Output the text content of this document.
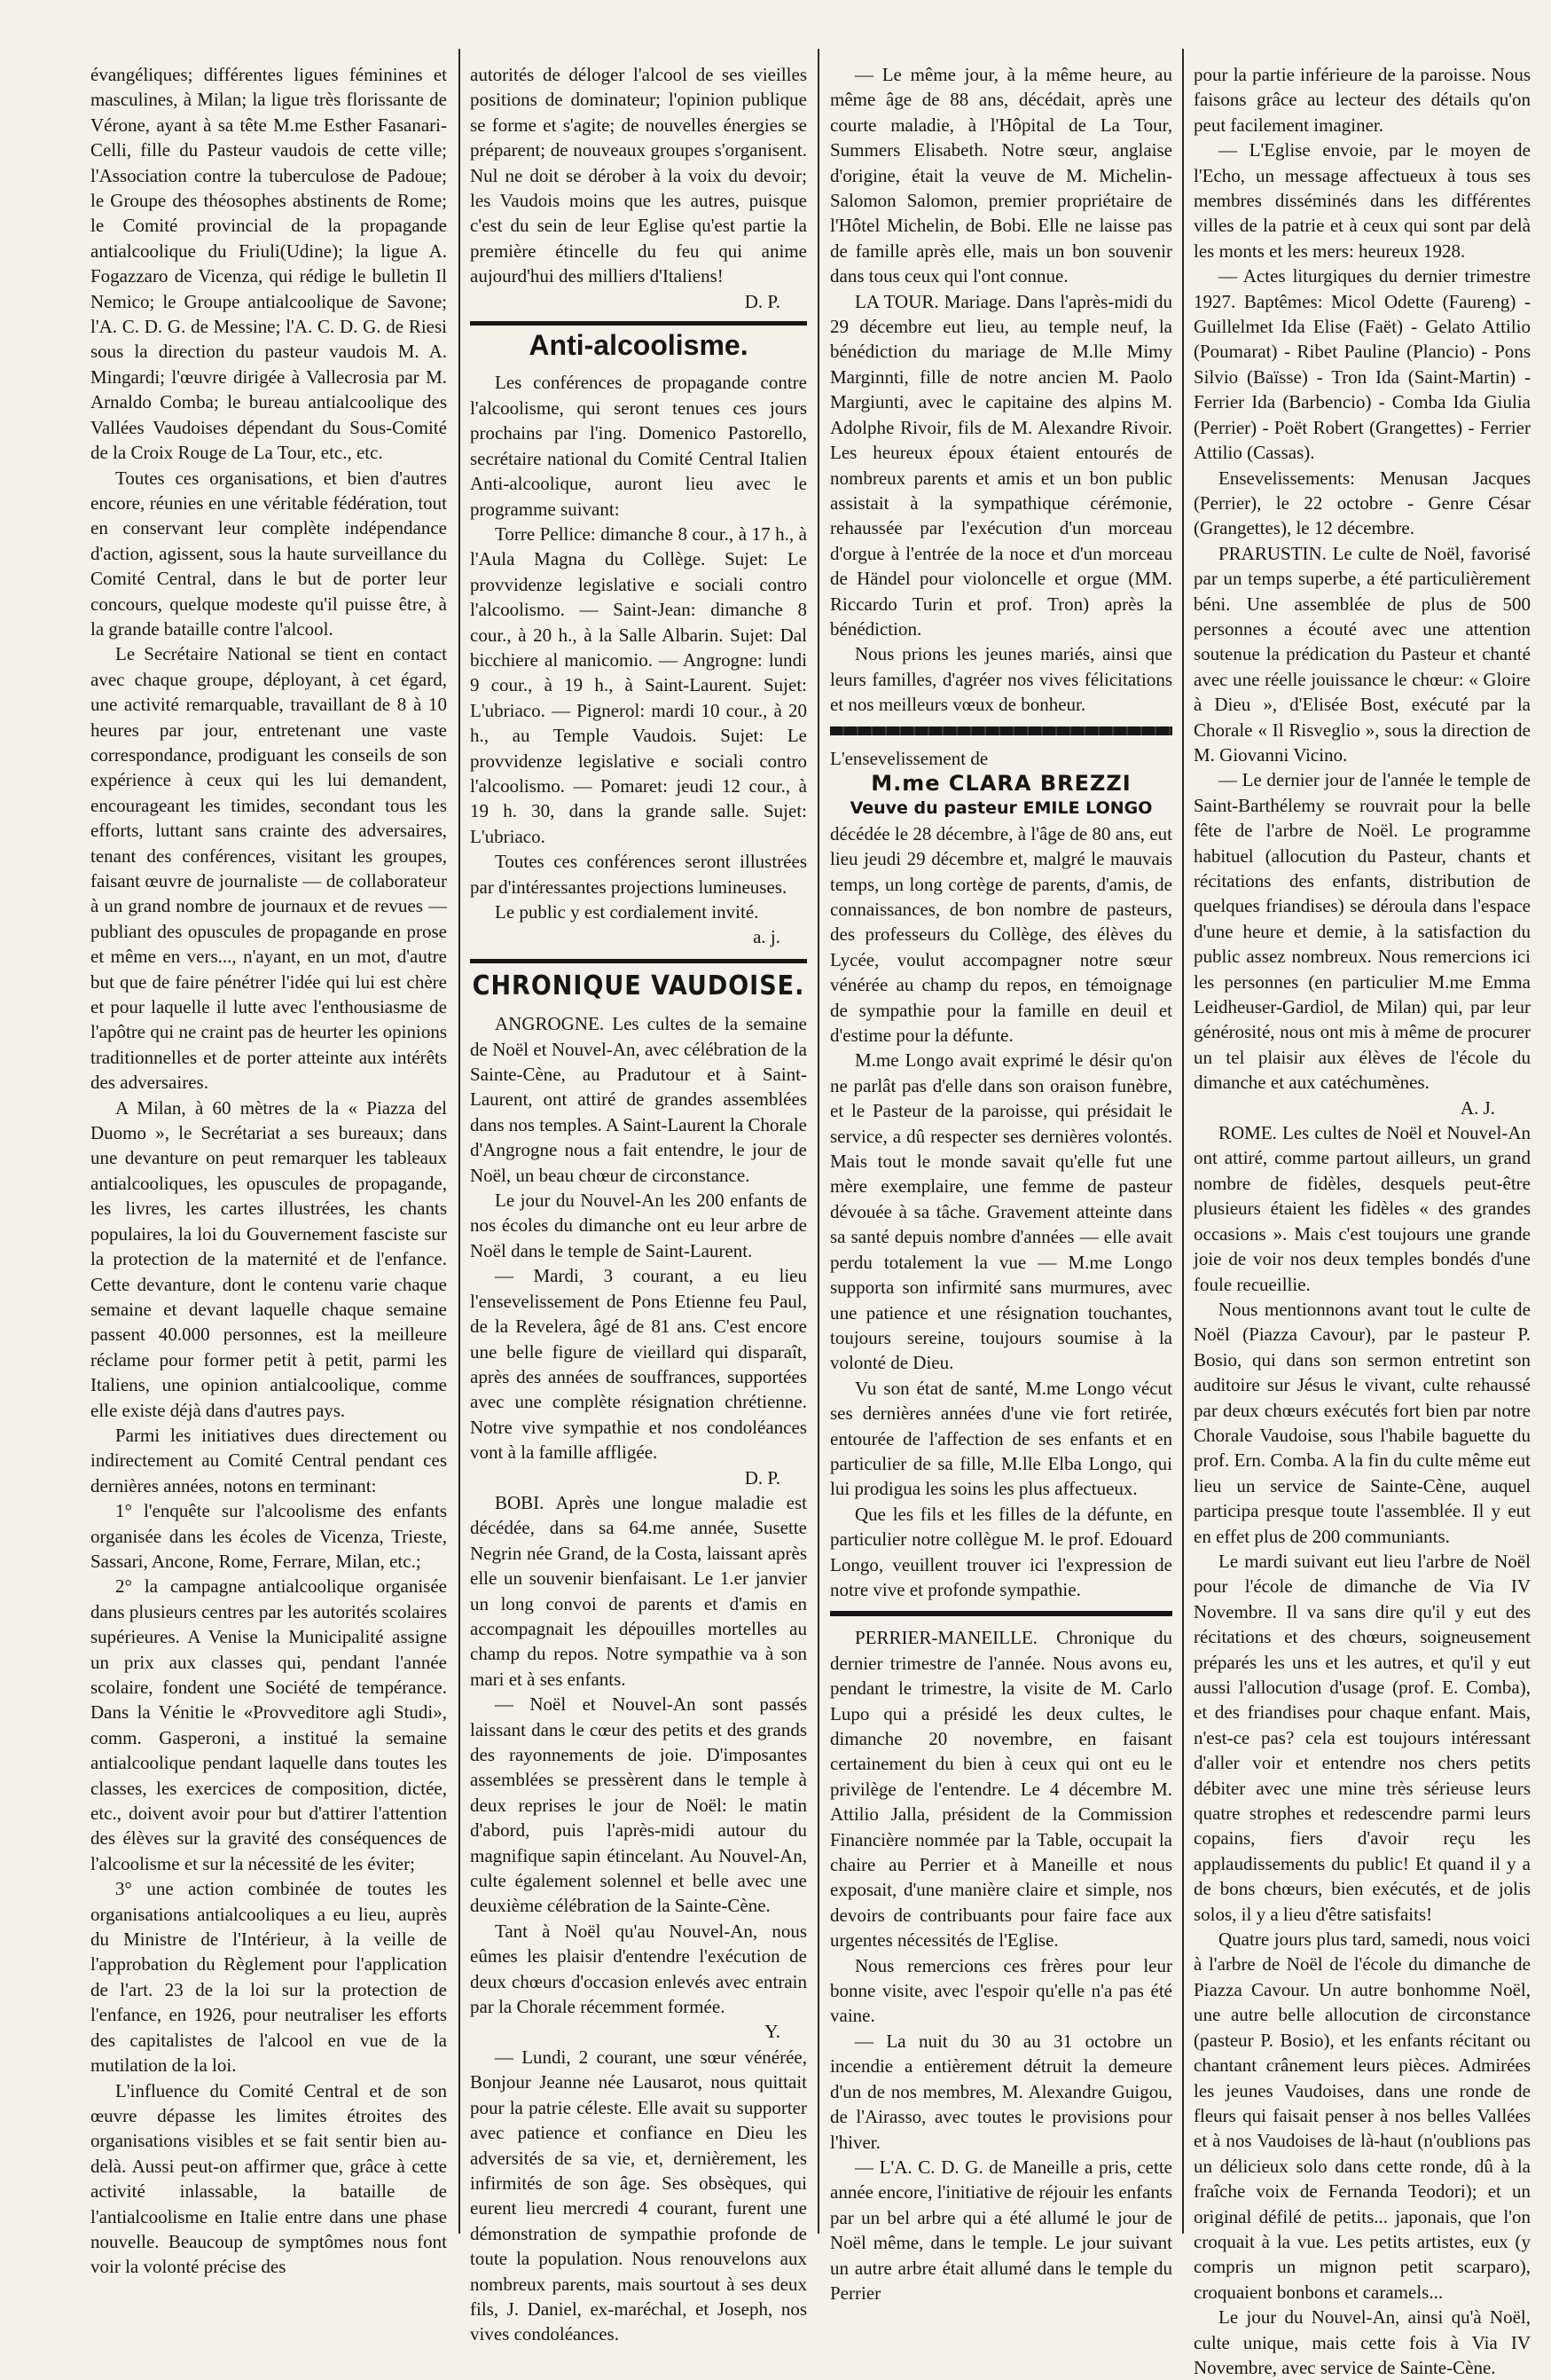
évangéliques; différentes ligues féminines et masculines, à Milan; la ligue très florissante de Vérone, ayant à sa tête M.me Esther Fasanari-Celli, fille du Pasteur vaudois de cette ville; l'Association contre la tuberculose de Padoue; le Groupe des théosophes abstinents de Rome; le Comité provincial de la propagande antialcoolique du Friuli(Udine); la ligue A. Fogazzaro de Vicenza, qui rédige le bulletin Il Nemico; le Groupe antialcoolique de Savone; l'A. C. D. G. de Messine; l'A. C. D. G. de Riesi sous la direction du pasteur vaudois M. A. Mingardi; l'œuvre dirigée à Vallecrosia par M. Arnaldo Comba; le bureau antialcoolique des Vallées Vaudoises dépendant du Sous-Comité de la Croix Rouge de La Tour, etc., etc.

Toutes ces organisations, et bien d'autres encore, réunies en une véritable fédération, tout en conservant leur complète indépendance d'action, agissent, sous la haute surveillance du Comité Central, dans le but de porter leur concours, quelque modeste qu'il puisse être, à la grande bataille contre l'alcool.

Le Secrétaire National se tient en contact avec chaque groupe, déployant, à cet égard, une activité remarquable, travaillant de 8 à 10 heures par jour, entretenant une vaste correspondance, prodiguant les conseils de son expérience à ceux qui les lui demandent, encourageant les timides, secondant tous les efforts, luttant sans crainte des adversaires, tenant des conférences, visitant les groupes, faisant œuvre de journaliste — de collaborateur à un grand nombre de journaux et de revues — publiant des opuscules de propagande en prose et même en vers..., n'ayant, en un mot, d'autre but que de faire pénétrer l'idée qui lui est chère et pour laquelle il lutte avec l'enthousiasme de l'apôtre qui ne craint pas de heurter les opinions traditionnelles et de porter atteinte aux intérêts des adversaires.

A Milan, à 60 mètres de la « Piazza del Duomo », le Secrétariat a ses bureaux; dans une devanture on peut remarquer les tableaux antialcooliques, les opuscules de propagande, les livres, les cartes illustrées, les chants populaires, la loi du Gouvernement fasciste sur la protection de la maternité et de l'enfance. Cette devanture, dont le contenu varie chaque semaine et devant laquelle chaque semaine passent 40.000 personnes, est la meilleure réclame pour former petit à petit, parmi les Italiens, une opinion antialcoolique, comme elle existe déjà dans d'autres pays.

Parmi les initiatives dues directement ou indirectement au Comité Central pendant ces dernières années, notons en terminant:

1° l'enquête sur l'alcoolisme des enfants organisée dans les écoles de Vicenza, Trieste, Sassari, Ancone, Rome, Ferrare, Milan, etc.;

2° la campagne antialcoolique organisée dans plusieurs centres par les autorités scolaires supérieures. A Venise la Municipalité assigne un prix aux classes qui, pendant l'année scolaire, fondent une Société de tempérance. Dans la Vénitie le «Provveditore agli Studi», comm. Gasperoni, a institué la semaine antialcoolique pendant laquelle dans toutes les classes, les exercices de composition, dictée, etc., doivent avoir pour but d'attirer l'attention des élèves sur la gravité des conséquences de l'alcoolisme et sur la nécessité de les éviter;

3° une action combinée de toutes les organisations antialcooliques a eu lieu, auprès du Ministre de l'Intérieur, à la veille de l'approbation du Règlement pour l'application de l'art. 23 de la loi sur la protection de l'enfance, en 1926, pour neutraliser les efforts des capitalistes de l'alcool en vue de la mutilation de la loi.

L'influence du Comité Central et de son œuvre dépasse les limites étroites des organisations visibles et se fait sentir bien au-delà. Aussi peut-on affirmer que, grâce à cette activité inlassable, la bataille de l'antialcoolisme en Italie entre dans une phase nouvelle. Beaucoup de symptômes nous font voir la volonté précise des

autorités de déloger l'alcool de ses vieilles positions de dominateur; l'opinion publique se forme et s'agite; de nouvelles énergies se préparent; de nouveaux groupes s'organisent. Nul ne doit se dérober à la voix du devoir; les Vaudois moins que les autres, puisque c'est du sein de leur Eglise qu'est partie la première étincelle du feu qui anime aujourd'hui des milliers d'Italiens!

D. P.

Anti-alcoolisme.

Les conférences de propagande contre l'alcoolisme, qui seront tenues ces jours prochains par l'ing. Domenico Pastorello, secrétaire national du Comité Central Italien Anti-alcoolique, auront lieu avec le programme suivant:

Torre Pellice: dimanche 8 cour., à 17 h., à l'Aula Magna du Collège. Sujet: Le provvidenze legislative e sociali contro l'alcoolismo. — Saint-Jean: dimanche 8 cour., à 20 h., à la Salle Albarin. Sujet: Dal bicchiere al manicomio. — Angrogne: lundi 9 cour., à 19 h., à Saint-Laurent. Sujet: L'ubriaco. — Pignerol: mardi 10 cour., à 20 h., au Temple Vaudois. Sujet: Le provvidenze legislative e sociali contro l'alcoolismo. — Pomaret: jeudi 12 cour., à 19 h. 30, dans la grande salle. Sujet: L'ubriaco.

Toutes ces conférences seront illustrées par d'intéressantes projections lumineuses.

Le public y est cordialement invité.

a. j.

CHRONIQUE VAUDOISE.

ANGROGNE. Les cultes de la semaine de Noël et Nouvel-An, avec célébration de la Sainte-Cène, au Pradutour et à Saint-Laurent, ont attiré de grandes assemblées dans nos temples. A Saint-Laurent la Chorale d'Angrogne nous a fait entendre, le jour de Noël, un beau chœur de circonstance.

Le jour du Nouvel-An les 200 enfants de nos écoles du dimanche ont eu leur arbre de Noël dans le temple de Saint-Laurent.

— Mardi, 3 courant, a eu lieu l'ensevelissement de Pons Etienne feu Paul, de la Revelera, âgé de 81 ans. C'est encore une belle figure de vieillard qui disparaît, après des années de souffrances, supportées avec une complète résignation chrétienne. Notre vive sympathie et nos condoléances vont à la famille affligée.

D. P.

BOBI. Après une longue maladie est décédée, dans sa 64.me année, Susette Negrin née Grand, de la Costa, laissant après elle un souvenir bienfaisant. Le 1.er janvier un long convoi de parents et d'amis en accompagnait les dépouilles mortelles au champ du repos. Notre sympathie va à son mari et à ses enfants.

— Noël et Nouvel-An sont passés laissant dans le cœur des petits et des grands des rayonnements de joie. D'imposantes assemblées se pressèrent dans le temple à deux reprises le jour de Noël: le matin d'abord, puis l'après-midi autour du magnifique sapin étincelant. Au Nouvel-An, culte également solennel et belle avec une deuxième célébration de la Sainte-Cène.

Tant à Noël qu'au Nouvel-An, nous eûmes les plaisir d'entendre l'exécution de deux chœurs d'occasion enlevés avec entrain par la Chorale récemment formée.

Y.

— Lundi, 2 courant, une sœur vénérée, Bonjour Jeanne née Lausarot, nous quittait pour la patrie céleste. Elle avait su supporter avec patience et confiance en Dieu les adversités de sa vie, et, dernièrement, les infirmités de son âge. Ses obsèques, qui eurent lieu mercredi 4 courant, furent une démonstration de sympathie profonde de toute la population. Nous renouvelons aux nombreux parents, mais sourtout à ses deux fils, J. Daniel, ex-maréchal, et Joseph, nos vives condoléances.

— Le même jour, à la même heure, au même âge de 88 ans, décédait, après une courte maladie, à l'Hôpital de La Tour, Summers Elisabeth. Notre sœur, anglaise d'origine, était la veuve de M. Michelin-Salomon Salomon, premier propriétaire de l'Hôtel Michelin, de Bobi. Elle ne laisse pas de famille après elle, mais un bon souvenir dans tous ceux qui l'ont connue.

LA TOUR. Mariage. Dans l'après-midi du 29 décembre eut lieu, au temple neuf, la bénédiction du mariage de M.lle Mimy Marginnti, fille de notre ancien M. Paolo Margiunti, avec le capitaine des alpins M. Adolphe Rivoir, fils de M. Alexandre Rivoir. Les heureux époux étaient entourés de nombreux parents et amis et un bon public assistait à la sympathique cérémonie, rehaussée par l'exécution d'un morceau d'orgue à l'entrée de la noce et d'un morceau de Händel pour violoncelle et orgue (MM. Riccardo Turin et prof. Tron) après la bénédiction.

Nous prions les jeunes mariés, ainsi que leurs familles, d'agréer nos vives félicitations et nos meilleurs vœux de bonheur.

L'ensevelissement de

M.me CLARA BREZZI

Veuve du pasteur EMILE LONGO

décédée le 28 décembre, à l'âge de 80 ans, eut lieu jeudi 29 décembre et, malgré le mauvais temps, un long cortège de parents, d'amis, de connaissances, de bon nombre de pasteurs, des professeurs du Collège, des élèves du Lycée, voulut accompagner notre sœur vénérée au champ du repos, en témoignage de sympathie pour la famille en deuil et d'estime pour la défunte.

M.me Longo avait exprimé le désir qu'on ne parlât pas d'elle dans son oraison funèbre, et le Pasteur de la paroisse, qui présidait le service, a dû respecter ses dernières volontés. Mais tout le monde savait qu'elle fut une mère exemplaire, une femme de pasteur dévouée à sa tâche. Gravement atteinte dans sa santé depuis nombre d'années — elle avait perdu totalement la vue — M.me Longo supporta son infirmité sans murmures, avec une patience et une résignation touchantes, toujours sereine, toujours soumise à la volonté de Dieu.

Vu son état de santé, M.me Longo vécut ses dernières années d'une vie fort retirée, entourée de l'affection de ses enfants et en particulier de sa fille, M.lle Elba Longo, qui lui prodigua les soins les plus affectueux.

Que les fils et les filles de la défunte, en particulier notre collègue M. le prof. Edouard Longo, veuillent trouver ici l'expression de notre vive et profonde sympathie.

PERRIER-MANEILLE. Chronique du dernier trimestre de l'année. Nous avons eu, pendant le trimestre, la visite de M. Carlo Lupo qui a présidé les deux cultes, le dimanche 20 novembre, en faisant certainement du bien à ceux qui ont eu le privilège de l'entendre. Le 4 décembre M. Attilio Jalla, président de la Commission Financière nommée par la Table, occupait la chaire au Perrier et à Maneille et nous exposait, d'une manière claire et simple, nos devoirs de contribuants pour faire face aux urgentes nécessités de l'Eglise.

Nous remercions ces frères pour leur bonne visite, avec l'espoir qu'elle n'a pas été vaine.

— La nuit du 30 au 31 octobre un incendie a entièrement détruit la demeure d'un de nos membres, M. Alexandre Guigou, de l'Airasso, avec toutes le provisions pour l'hiver.

— L'A. C. D. G. de Maneille a pris, cette année encore, l'initiative de réjouir les enfants par un bel arbre qui a été allumé le jour de Noël même, dans le temple. Le jour suivant un autre arbre était allumé dans le temple du Perrier

pour la partie inférieure de la paroisse. Nous faisons grâce au lecteur des détails qu'on peut facilement imaginer.

— L'Eglise envoie, par le moyen de l'Echo, un message affectueux à tous ses membres disséminés dans les différentes villes de la patrie et à ceux qui sont par delà les monts et les mers: heureux 1928.

— Actes liturgiques du dernier trimestre 1927. Baptêmes: Micol Odette (Faureng) - Guillelmet Ida Elise (Faët) - Gelato Attilio (Poumarat) - Ribet Pauline (Plancio) - Pons Silvio (Baïsse) - Tron Ida (Saint-Martin) - Ferrier Ida (Barbencio) - Comba Ida Giulia (Perrier) - Poët Robert (Grangettes) - Ferrier Attilio (Cassas).

Ensevelissements: Menusan Jacques (Perrier), le 22 octobre - Genre César (Grangettes), le 12 décembre.

PRARUSTIN. Le culte de Noël, favorisé par un temps superbe, a été particulièrement béni. Une assemblée de plus de 500 personnes a écouté avec une attention soutenue la prédication du Pasteur et chanté avec une réelle jouissance le chœur: « Gloire à Dieu », d'Elisée Bost, exécuté par la Chorale « Il Risveglio », sous la direction de M. Giovanni Vicino.

— Le dernier jour de l'année le temple de Saint-Barthélemy se rouvrait pour la belle fête de l'arbre de Noël. Le programme habituel (allocution du Pasteur, chants et récitations des enfants, distribution de quelques friandises) se déroula dans l'espace d'une heure et demie, à la satisfaction du public assez nombreux. Nous remercions ici les personnes (en particulier M.me Emma Leidheuser-Gardiol, de Milan) qui, par leur générosité, nous ont mis à même de procurer un tel plaisir aux élèves de l'école du dimanche et aux catéchumènes.

A. J.

ROME. Les cultes de Noël et Nouvel-An ont attiré, comme partout ailleurs, un grand nombre de fidèles, desquels peut-être plusieurs étaient les fidèles « des grandes occasions ». Mais c'est toujours une grande joie de voir nos deux temples bondés d'une foule recueillie.

Nous mentionnons avant tout le culte de Noël (Piazza Cavour), par le pasteur P. Bosio, qui dans son sermon entretint son auditoire sur Jésus le vivant, culte rehaussé par deux chœurs exécutés fort bien par notre Chorale Vaudoise, sous l'habile baguette du prof. Ern. Comba. A la fin du culte même eut lieu un service de Sainte-Cène, auquel participa presque toute l'assemblée. Il y eut en effet plus de 200 communiants.

Le mardi suivant eut lieu l'arbre de Noël pour l'école de dimanche de Via IV Novembre. Il va sans dire qu'il y eut des récitations et des chœurs, soigneusement préparés les uns et les autres, et qu'il y eut aussi l'allocution d'usage (prof. E. Comba), et des friandises pour chaque enfant. Mais, n'est-ce pas? cela est toujours intéressant d'aller voir et entendre nos chers petits débiter avec une mine très sérieuse leurs quatre strophes et redescendre parmi leurs copains, fiers d'avoir reçu les applaudissements du public! Et quand il y a de bons chœurs, bien exécutés, et de jolis solos, il y a lieu d'être satisfaits!

Quatre jours plus tard, samedi, nous voici à l'arbre de Noël de l'école du dimanche de Piazza Cavour. Un autre bonhomme Noël, une autre belle allocution de circonstance (pasteur P. Bosio), et les enfants récitant ou chantant crânement leurs pièces. Admirées les jeunes Vaudoises, dans une ronde de fleurs qui faisait penser à nos belles Vallées et à nos Vaudoises de là-haut (n'oublions pas un délicieux solo dans cette ronde, dû à la fraîche voix de Fernanda Teodori); et un original défilé de petits... japonais, que l'on croquait à la vue. Les petits artistes, eux (y compris un mignon petit scarparo), croquaient bonbons et caramels...

Le jour du Nouvel-An, ainsi qu'à Noël, culte unique, mais cette fois à Via IV Novembre, avec service de Sainte-Cène.
